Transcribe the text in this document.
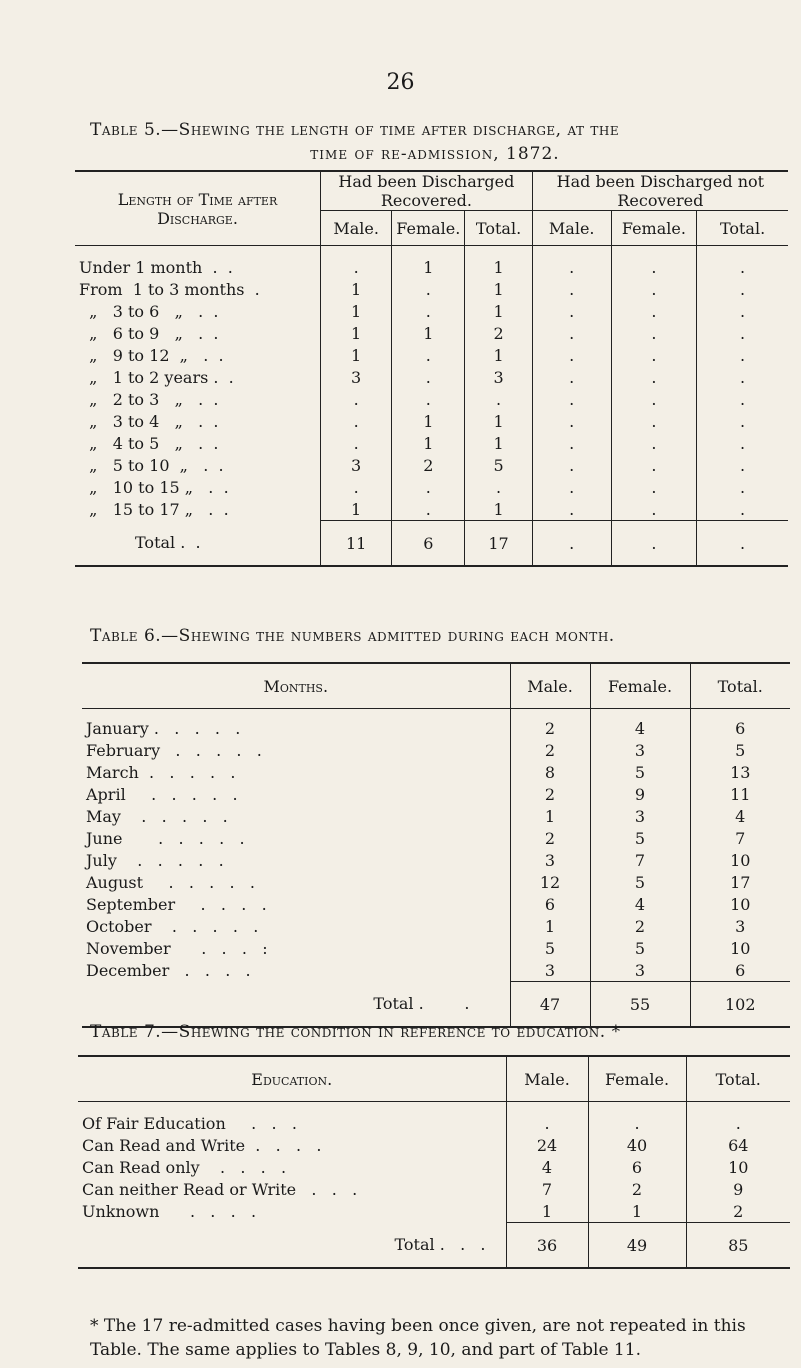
26
Table 5.—Shewing the length of time after discharge, at the
time of re-admission, 1872.
Length of Time after Discharge.	Had been Discharged Recovered.			Had been Discharged not Recovered		
	Male.	Female.	Total.	Male.	Female.	Total.

Under 1 month  .  .	.	1	1	.	.	.
From  1 to 3 months  .	1	.	1	.	.	.
„   3 to 6   „   .  .	1	.	1	.	.	.
„   6 to 9   „   .  .	1	1	2	.	.	.
„   9 to 12  „   .  .	1	.	1	.	.	.
„   1 to 2 years .  .	3	.	3	.	.	.
„   2 to 3   „   .  .	.	.	.	.	.	.
„   3 to 4   „   .  .	.	1	1	.	.	.
„   4 to 5   „   .  .	.	1	1	.	.	.
„   5 to 10  „   .  .	3	2	5	.	.	.
„   10 to 15 „   .  .	.	.	.	.	.	.
„   15 to 17 „   .  .	1	.	1	.	.	.
Total .  .	11	6	17	.	.	.
Table 6.—Shewing the numbers admitted during each month.
Months.	Male.	Female.	Total.

January .   .   .   .   .	2	4	6
February   .   .   .   .   .	2	3	5
March  .   .   .   .   .	8	5	13
April     .   .   .   .   .	2	9	11
May    .   .   .   .   .	1	3	4
June       .   .   .   .   .	2	5	7
July    .   .   .   .   .	3	7	10
August     .   .   .   .   .	12	5	17
September     .   .   .   .	6	4	10
October    .   .   .   .   .	1	2	3
November      .   .   .   :	5	5	10
December   .   .   .   .	3	3	6
Total . .	47	55	102
Table 7.—Shewing the condition in reference to education. *
Education.	Male.	Female.	Total.

Of Fair Education     .   .   .	.	.	.
Can Read and Write  .   .   .   .	24	40	64
Can Read only    .   .   .   .	4	6	10
Can neither Read or Write   .   .   .	7	2	9
Unknown      .   .   .   .	1	1	2
Total .   .   .	36	49	85
* The 17 re-admitted cases having been once given, are not repeated in this Table. The same applies to Tables 8, 9, 10, and part of Table 11.
